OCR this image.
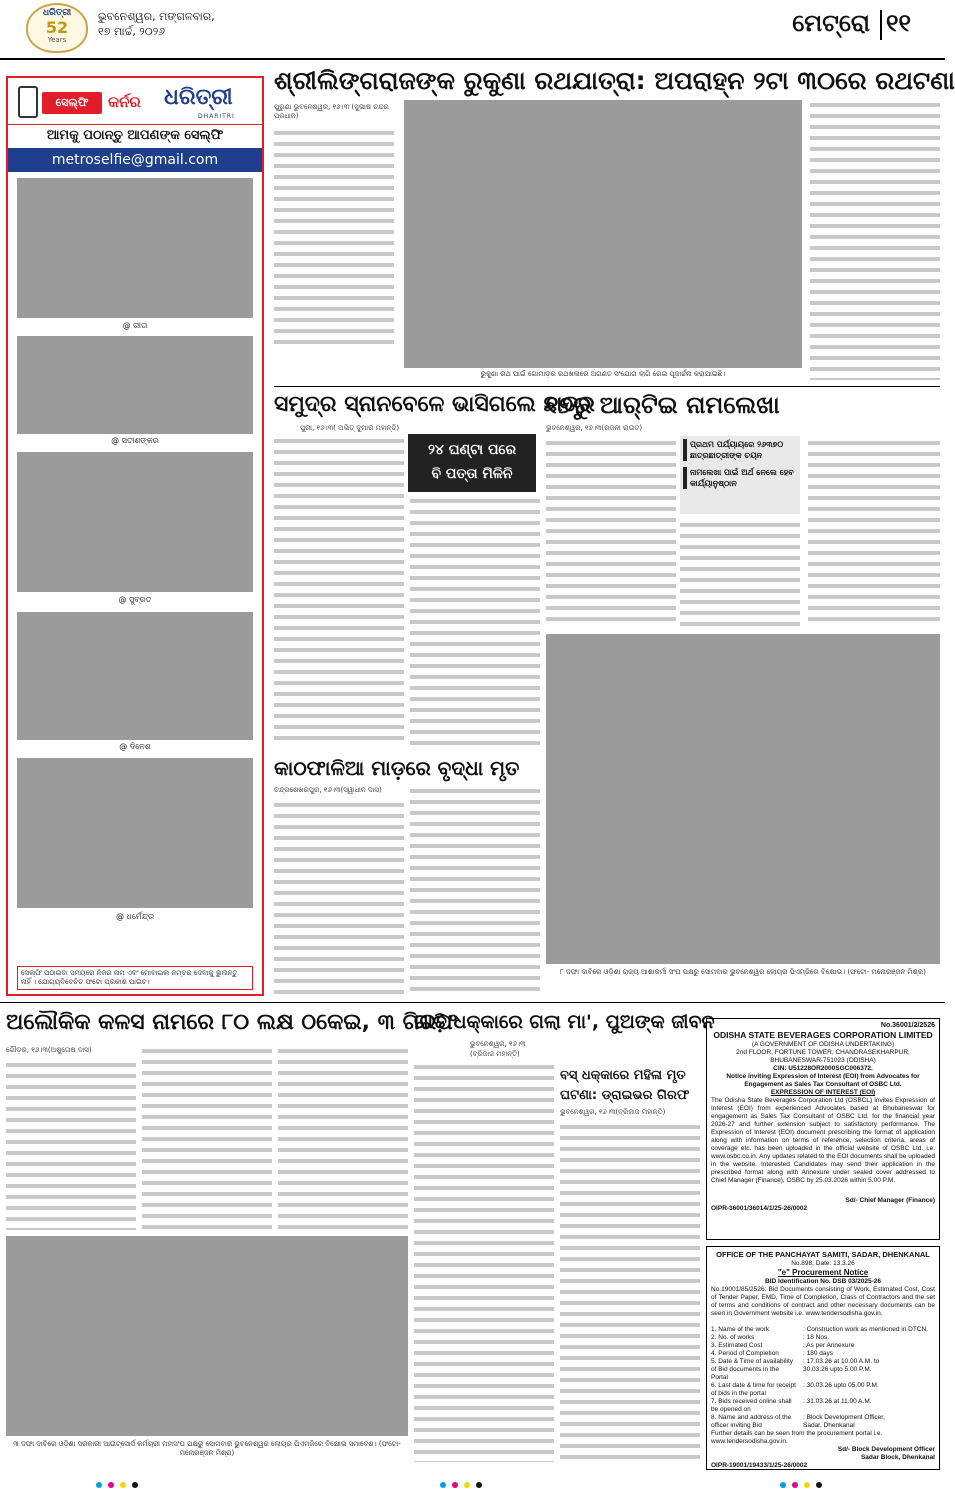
ଧରିତ୍ରୀ
52
Years
ଭୁବନେଶ୍ୱର, ମଙ୍ଗଳବାର,
୧୭ ମାର୍ଚ୍ଚ, ୨୦୨୬	ମେଟ୍ରୋ ୧୧
ସେଲ୍ଫି	କର୍ନର	ଧରିତ୍ରୀ
DHARITRI
ଆମକୁ ପଠାନ୍ତୁ ଆପଣଙ୍କ ସେଲ୍ଫି
metroselfie@gmail.com
@ ରୀତା
@ ସତୀଶଙ୍କର
@ ସୁବ୍ରତ
@ ଦିନେଶ
@ ଧର୍ମେନ୍ଦ୍ର
ସେଲ୍ଫି ପଠାଇବା ସମୟରେ ନିଜର ନାମ ଏବଂ ମୋବାଇଲ ନମ୍ବର ଦେବାକୁ ଭୁଲନ୍ତୁ ନାହିଁ । ଯୋଗ୍ୟବିବେଚିତ ଫଟୋ ପ୍ରକାଶ ପାଇବ।
ଶ୍ରୀଲିଙ୍ଗରାଜଙ୍କ ରୁକୁଣା ରଥଯାତ୍ରା: ଅପରାହ୍ନ ୨ଟା ୩୦ରେ ରଥଟଣା
ପୁରୁଣା ଭୁବନେଶ୍ୱର, ୧୬।୩ (ସୁଭାଷ ଚନ୍ଦ୍ର ପ୍ରଧାନ)
ରୁକୁଣା ରଥ ପାଇଁ ଗୋମାଡ଼ର ରଥଖଳାରେ ଅଗଣତ ସଂଯୋଗ ଲାଗି ରେଇ ପୂଜାର୍ଚ୍ଚନା କରାଯାଇଛି।
ସମୁଦ୍ର ସ୍ନାନବେଳେ ଭାସିଗଲେ ଛାତ୍ର
ପୁରୀ, ୧୬।୩( ଅଭିତ୍ ଦୁମାର ମହାନ୍ତି)
୨୪ ଘଣ୍ଟା ପରେ
ବି ପତ୍ତା ମିଳିନି
୧୭ରୁ ଆର୍‌ଟିଇ ନାମଲେଖା
ଭୁବନେଶ୍ୱର, ୧୬।୩(ରଜନୀ ରାଉତ)
ପ୍ରଥମ ପର୍ଯ୍ୟାୟରେ ୨୬୩୭୦ ଛାତ୍ରଛାତ୍ରୀଙ୍କ ଚୟନ
ନାମଲେଖା ପାଇଁ ଅର୍ଥ ନେଲେ ହେବ କାର୍ଯ୍ୟାନୁଷ୍ଠାନ
୮ ଦଫା ଦାବିରେ ଓଡ଼ିଶା ରାଜ୍ୟ ଆଶାକର୍ମୀ ସଂଘ ପକ୍ଷରୁ ସୋମବାର ଭୁବନେଶ୍ୱର ଲୋୟର ପିଏମ୍‌ଜିରେ ବିକ୍ଷୋଭ। (ଫଟୋ- ମନୋରଞ୍ଜନ ମିଶ୍ର)
କାଠଫାଳିଆ ମାଡ଼ରେ ବୃଦ୍ଧା ମୃତ
ଚନ୍ଦ୍ରଶେଖରପୁର, ୧୬।୩(ସ୍ୱାଧୀନ ଦାସ)
ଅଲୌକିକ କଳସ ନାମରେ ୮୦ ଲକ୍ଷ ଠକେଇ, ୩ ଗିରଫ
ଗୌଡ଼ର, ୧୬।୩(ଅଶୁତୋଷ ଦାସ)
୩ ଦଫା ଦାବିରେ ଓଡ଼ିଶା ସରକାରୀ ଆଉଟ୍‌ସୋର୍ସ କର୍ମଚାରୀ ମହାସଂଘ ପକ୍ଷରୁ ସୋମବାର ଭୁବନେଶ୍ୱର ଲୋୟର ପିଏମ୍‌ଜିରେ ବିକ୍ଷୋଭ ସମାବେଶ। (ଫଟୋ- ମନୋରଞ୍ଜନ ମିଶ୍ର)
ଗାଡ଼ି ଧକ୍କାରେ ଗଲା ମା', ପୁଅଙ୍କ ଜୀବନ
ଭୁବନେଶ୍ୱର, ୧୬।୩
(ବ୍ରିଜାଜ ମହାନ୍ତି)
ବସ୍ ଧକ୍କାରେ ମହିଳା ମୃତ
ଘଟଣା: ଡ୍ରାଇଭର ଗିରଫ
ଭୁବନେଶ୍ୱର, ୧୬।୩(ବ୍ରିଜାଜ ମହାନ୍ତି)
No.36001/2/2526
ODISHA STATE BEVERAGES CORPORATION LIMITED
(A GOVERNMENT OF ODISHA UNDERTAKING)
2nd FLOOR, FORTUNE TOWER, CHANDRASEKHARPUR,
BHUBANESWAR-751023 (ODISHA)
CIN: U51228OR2000SGC006372.
Notice inviting Expression of Interest (EOI) from Advocates for
Engagement as Sales Tax Consultant of OSBC Ltd.
EXPRESSION OF INTEREST (EOI)
The Odisha State Beverages Corporation Ltd (OSBCL) invites Expression of Interest (EOI) from experienced Advocates based at Bhubaneswar for engagement as Sales Tax Consultant of OSBC Ltd. for the financial year 2026-27 and further extension subject to satisfactory performance. The Expression of Interest (EOI) document prescribing the format of application along with information on terms of reference, selection criteria, areas of coverage etc. has been uploaded in the official website of OSBC Ltd. i.e. www.osbc.co.in. Any updates related to the EOI documents shall be uploaded in the website. Interested Candidates may send their application in the prescribed format along with Annexure under sealed cover addressed to Chief Manager (Finance), OSBC by 25.03.2026 within 5.00 P.M.
Sd/- Chief Manager (Finance)
OIPR-36001/36014/1/25-26/0002
OFFICE OF THE PANCHAYAT SAMITI, SADAR, DHENKANAL
No.898, Date: 13.3.26
"e" Procurement Notice
BID Identification No. DSB 03/2025-26
No.19001/85/2526: Bid Documents consisting of Work, Estimated Cost, Cost of Tender Paper, EMD, Time of Completion, Class of Contractors and the set of terms and conditions of contract and other necessary documents can be seen in Government website i.e. www.tendersodisha.gov.in.
1. Name of the work	: Construction work as mentioned in DTCN.
2. No. of works	: 18 Nos.
3. Estimated Cost	: As per Annexure
4. Period of Completion	: 180 days
5. Date & Time of availability	: 17.03.26 at 10.00 A.M. to
of Bid documents in the	30.03.26 upto 5.00 P.M.
Portal
6. Last date & time for receipt	: 30.03.26 upto 05.00 P.M.
of bids in the portal
7. Bids received online shall	: 31.03.26 at 11.00 A.M.
be opened on
8. Name and address of the	: Block Development Officer,
officer inviting Bid	Sadar, Dhenkanal
Further details can be seen from the procurement portal i.e. www.tendersodisha.gov.in.
Sd/- Block Development Officer
Sadar Block, Dhenkanal
OIPR-19001/19433/1/25-26/0002
